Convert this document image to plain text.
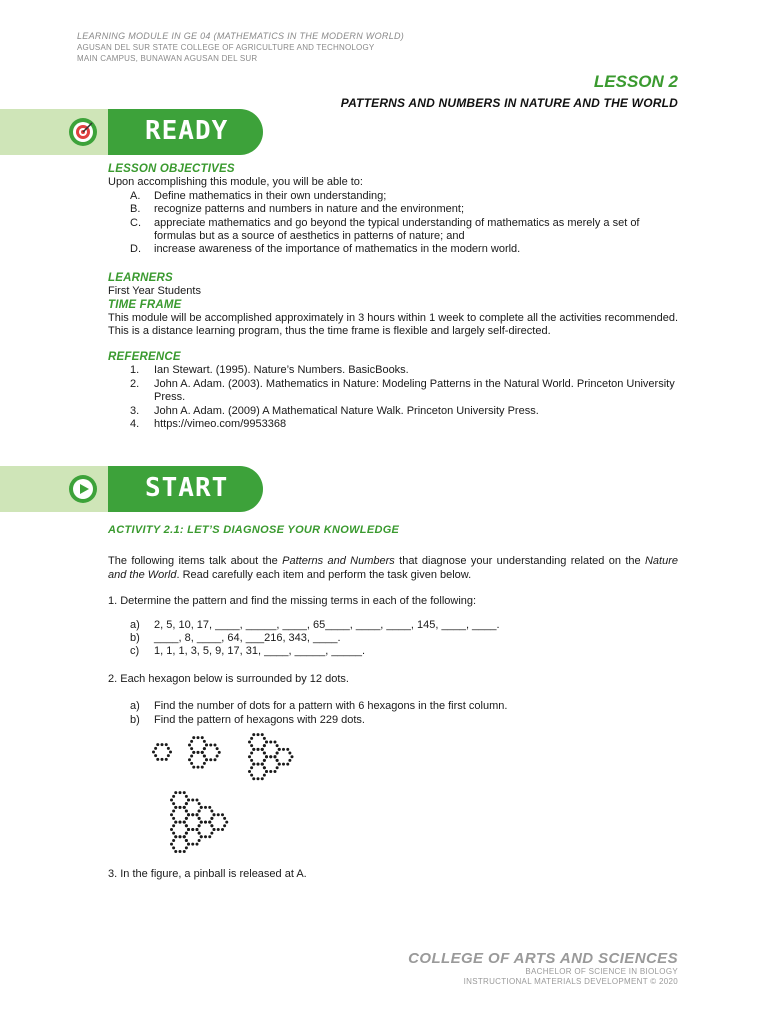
LEARNING MODULE IN GE 04 (MATHEMATICS IN THE MODERN WORLD)
AGUSAN DEL SUR STATE COLLEGE OF AGRICULTURE AND TECHNOLOGY
MAIN CAMPUS, BUNAWAN AGUSAN DEL SUR
LESSON 2
PATTERNS AND NUMBERS IN NATURE AND THE WORLD
READY
LESSON OBJECTIVES
Upon accomplishing this module, you will be able to:
A. Define mathematics in their own understanding;
B. recognize patterns and numbers in nature and the environment;
C. appreciate mathematics and go beyond the typical understanding of mathematics as merely a set of formulas but as a source of aesthetics in patterns of nature; and
D. increase awareness of the importance of mathematics in the modern world.
LEARNERS
First Year Students
TIME FRAME
This module will be accomplished approximately in 3 hours within 1 week to complete all the activities recommended. This is a distance learning program, thus the time frame is flexible and largely self-directed.
REFERENCE
1. Ian Stewart. (1995). Nature’s Numbers. BasicBooks.
2. John A. Adam. (2003). Mathematics in Nature: Modeling Patterns in the Natural World. Princeton University Press.
3. John A. Adam. (2009) A Mathematical Nature Walk. Princeton University Press.
4. https://vimeo.com/9953368
START
ACTIVITY 2.1: LET’S DIAGNOSE YOUR KNOWLEDGE
The following items talk about the Patterns and Numbers that diagnose your understanding related on the Nature and the World. Read carefully each item and perform the task given below.
1. Determine the pattern and find the missing terms in each of the following:
a) 2, 5, 10, 17, ____, _____, ____, 65____, ____, ____, 145, ____, ____.
b) ____, 8, ____, 64, ___216, 343, ____.
c) 1, 1, 1, 3, 5, 9, 17, 31, ____, _____, _____.
2. Each hexagon below is surrounded by 12 dots.
a) Find the number of dots for a pattern with 6 hexagons in the first column.
b) Find the pattern of hexagons with 229 dots.
3. In the figure, a pinball is released at A.
COLLEGE OF ARTS AND SCIENCES
BACHELOR OF SCIENCE IN BIOLOGY
INSTRUCTIONAL MATERIALS DEVELOPMENT © 2020
